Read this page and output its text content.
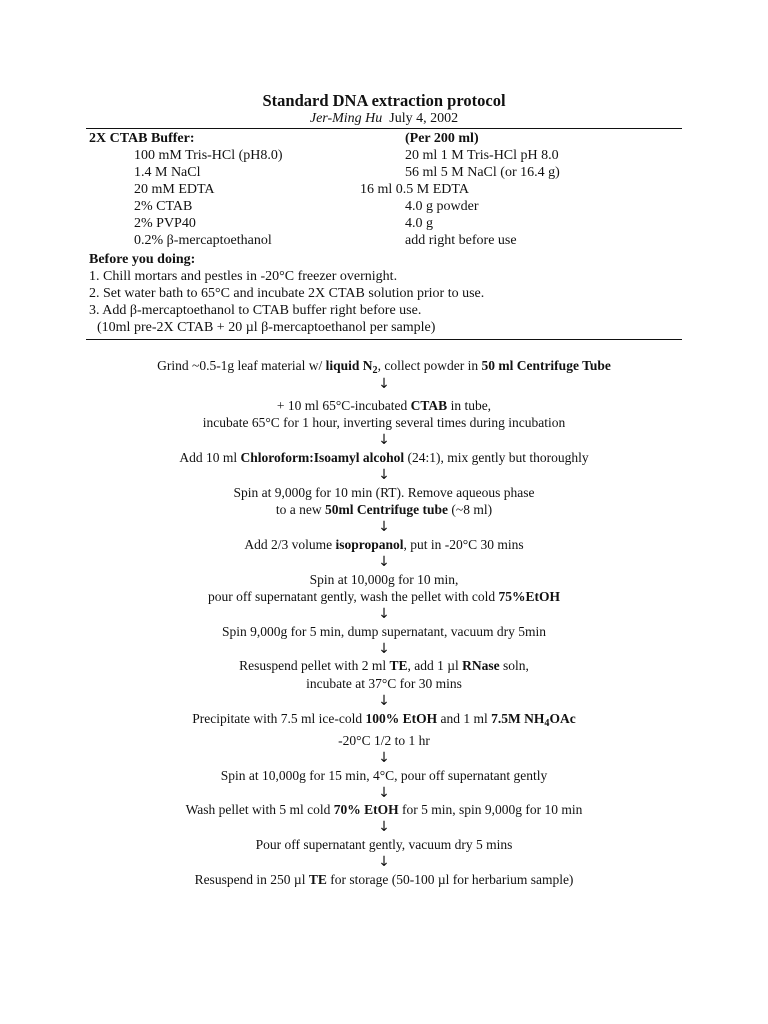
Standard DNA extraction protocol
Jer-Ming Hu July 4, 2002
2X CTAB Buffer:	(Per 200 ml)
100 mM Tris-HCl (pH8.0)	20 ml 1 M Tris-HCl pH 8.0
1.4 M NaCl	56 ml 5 M NaCl (or 16.4 g)
20 mM EDTA	16 ml 0.5 M EDTA
2% CTAB	4.0 g powder
2% PVP40	4.0 g
0.2% β-mercaptoethanol	add right before use
Before you doing:
1. Chill mortars and pestles in -20°C freezer overnight.
2. Set water bath to 65°C and incubate 2X CTAB solution prior to use.
3. Add β-mercaptoethanol to CTAB buffer right before use.
(10ml pre-2X CTAB + 20 µl β-mercaptoethanol per sample)
Grind ~0.5-1g leaf material w/ liquid $N_2$, collect powder in 50 ml Centrifuge Tube
↓
+ 10 ml 65°C-incubated CTAB in tube,
incubate 65°C for 1 hour, inverting several times during incubation
↓
Add 10 ml Chloroform:Isoamyl alcohol (24:1), mix gently but thoroughly
↓
Spin at 9,000g for 10 min (RT). Remove aqueous phase
to a new 50ml Centrifuge tube (~8 ml)
↓
Add 2/3 volume isopropanol, put in -20°C 30 mins
↓
Spin at 10,000g for 10 min,
pour off supernatant gently, wash the pellet with cold 75%EtOH
↓
Spin 9,000g for 5 min, dump supernatant, vacuum dry 5min
↓
Resuspend pellet with 2 ml TE, add 1 µl RNase soln,
incubate at 37°C for 30 mins
↓
Precipitate with 7.5 ml ice-cold 100% EtOH and 1 ml 7.5M $NH_4OAc$
-20°C 1/2 to 1 hr
↓
Spin at 10,000g for 15 min, 4°C, pour off supernatant gently
↓
Wash pellet with 5 ml cold 70% EtOH for 5 min, spin 9,000g for 10 min
↓
Pour off supernatant gently, vacuum dry 5 mins
↓
Resuspend in 250 µl TE for storage (50-100 µl for herbarium sample)
